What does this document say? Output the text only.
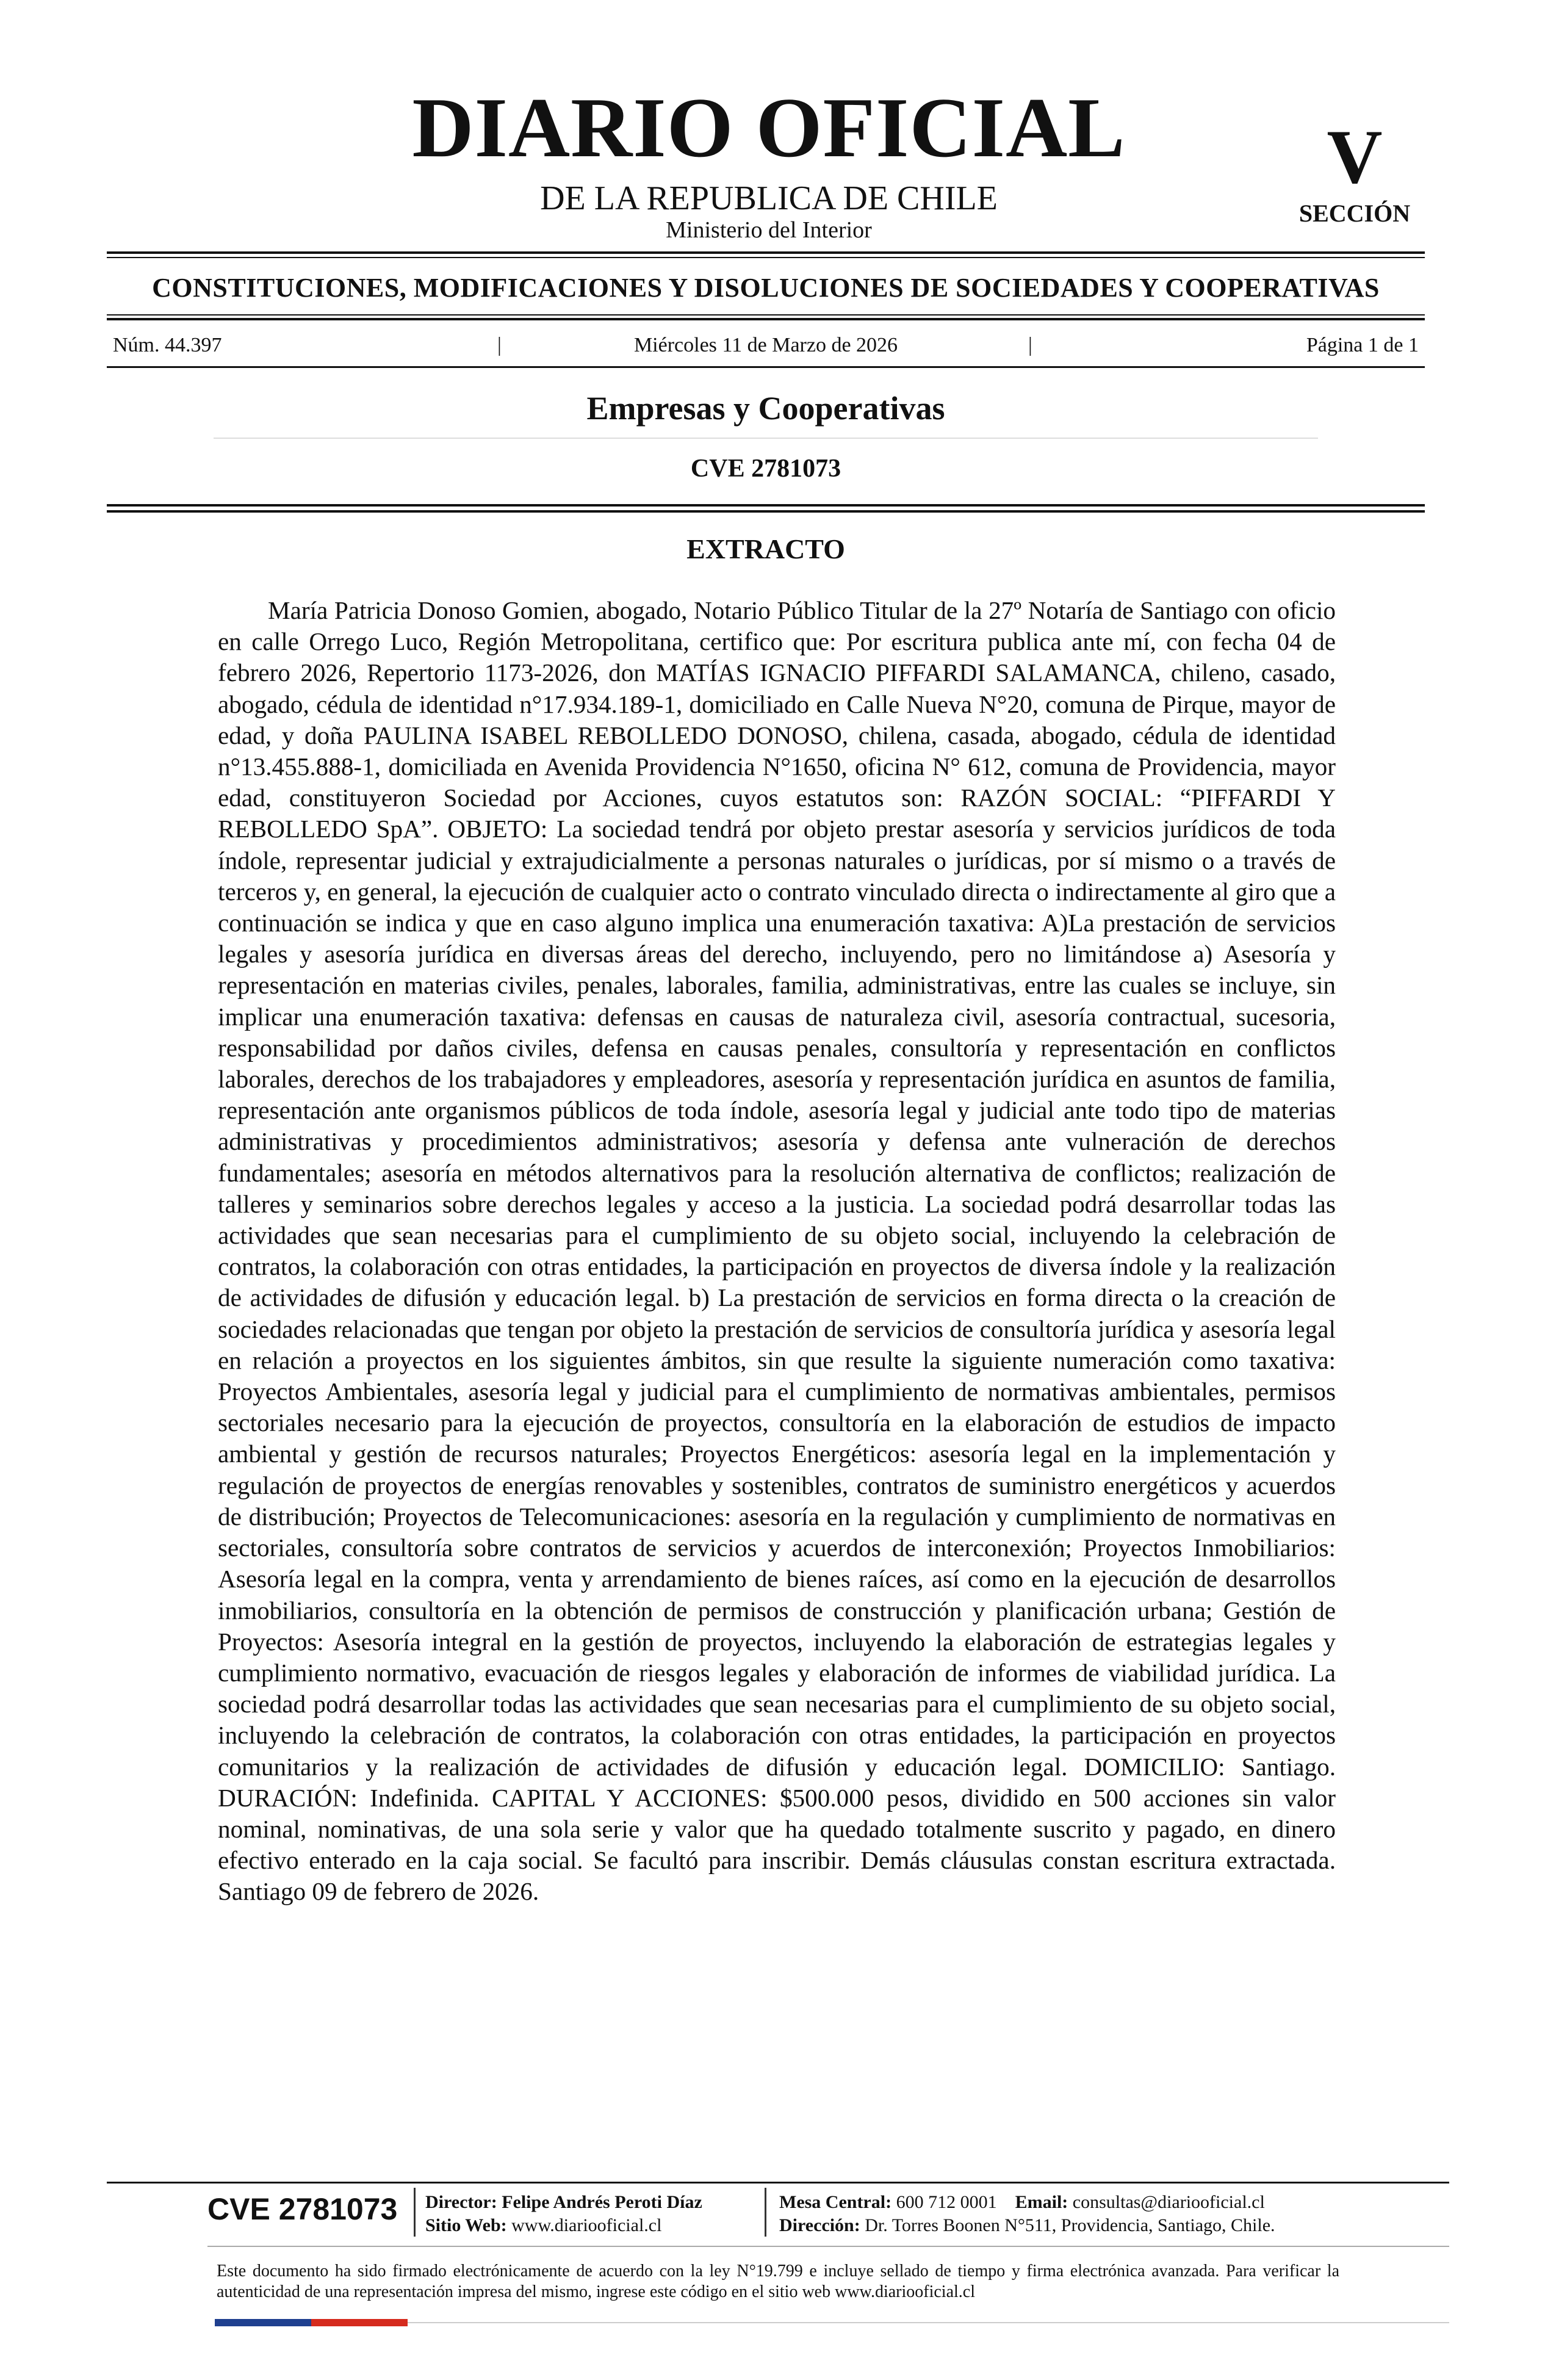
DIARIO OFICIAL
DE LA REPUBLICA DE CHILE
Ministerio del Interior
V
SECCIÓN
CONSTITUCIONES, MODIFICACIONES Y DISOLUCIONES DE SOCIEDADES Y COOPERATIVAS
Núm. 44.397	|	Miércoles 11 de Marzo de 2026	|	Página 1 de 1
Empresas y Cooperativas
CVE 2781073
EXTRACTO

María Patricia Donoso Gomien, abogado, Notario Público Titular de la 27º Notaría de Santiago con oficio en calle Orrego Luco, Región Metropolitana, certifico que: Por escritura publica ante mí, con fecha 04 de febrero 2026, Repertorio 1173-2026, don MATÍAS IGNACIO PIFFARDI SALAMANCA, chileno, casado, abogado, cédula de identidad n°17.934.189-1, domiciliado en Calle Nueva N°20, comuna de Pirque, mayor de edad, y doña PAULINA ISABEL REBOLLEDO DONOSO, chilena, casada, abogado, cédula de identidad n°13.455.888-1, domiciliada en Avenida Providencia N°1650, oficina N° 612, comuna de Providencia, mayor edad, constituyeron Sociedad por Acciones, cuyos estatutos son: RAZÓN SOCIAL: “PIFFARDI Y REBOLLEDO SpA”. OBJETO: La sociedad tendrá por objeto prestar asesoría y servicios jurídicos de toda índole, representar judicial y extrajudicialmente a personas naturales o jurídicas, por sí mismo o a través de terceros y, en general, la ejecución de cualquier acto o contrato vinculado directa o indirectamente al giro que a continuación se indica y que en caso alguno implica una enumeración taxativa: A)La prestación de servicios legales y asesoría jurídica en diversas áreas del derecho, incluyendo, pero no limitándose a) Asesoría y representación en materias civiles, penales, laborales, familia, administrativas, entre las cuales se incluye, sin implicar una enumeración taxativa: defensas en causas de naturaleza civil, asesoría contractual, sucesoria, responsabilidad por daños civiles, defensa en causas penales, consultoría y representación en conflictos laborales, derechos de los trabajadores y empleadores, asesoría y representación jurídica en asuntos de familia, representación ante organismos públicos de toda índole, asesoría legal y judicial ante todo tipo de materias administrativas y procedimientos administrativos; asesoría y defensa ante vulneración de derechos fundamentales; asesoría en métodos alternativos para la resolución alternativa de conflictos; realización de talleres y seminarios sobre derechos legales y acceso a la justicia. La sociedad podrá desarrollar todas las actividades que sean necesarias para el cumplimiento de su objeto social, incluyendo la celebración de contratos, la colaboración con otras entidades, la participación en proyectos de diversa índole y la realización de actividades de difusión y educación legal. b) La prestación de servicios en forma directa o la creación de sociedades relacionadas que tengan por objeto la prestación de servicios de consultoría jurídica y asesoría legal en relación a proyectos en los siguientes ámbitos, sin que resulte la siguiente numeración como taxativa: Proyectos Ambientales, asesoría legal y judicial para el cumplimiento de normativas ambientales, permisos sectoriales necesario para la ejecución de proyectos, consultoría en la elaboración de estudios de impacto ambiental y gestión de recursos naturales; Proyectos Energéticos: asesoría legal en la implementación y regulación de proyectos de energías renovables y sostenibles, contratos de suministro energéticos y acuerdos de distribución; Proyectos de Telecomunicaciones: asesoría en la regulación y cumplimiento de normativas en sectoriales, consultoría sobre contratos de servicios y acuerdos de interconexión; Proyectos Inmobiliarios: Asesoría legal en la compra, venta y arrendamiento de bienes raíces, así como en la ejecución de desarrollos inmobiliarios, consultoría en la obtención de permisos de construcción y planificación urbana; Gestión de Proyectos: Asesoría integral en la gestión de proyectos, incluyendo la elaboración de estrategias legales y cumplimiento normativo, evacuación de riesgos legales y elaboración de informes de viabilidad jurídica. La sociedad podrá desarrollar todas las actividades que sean necesarias para el cumplimiento de su objeto social, incluyendo la celebración de contratos, la colaboración con otras entidades, la participación en proyectos comunitarios y la realización de actividades de difusión y educación legal. DOMICILIO: Santiago. DURACIÓN: Indefinida. CAPITAL Y ACCIONES: $500.000 pesos, dividido en 500 acciones sin valor nominal, nominativas, de una sola serie y valor que ha quedado totalmente suscrito y pagado, en dinero efectivo enterado en la caja social. Se facultó para inscribir. Demás cláusulas constan escritura extractada. Santiago 09 de febrero de 2026.

CVE 2781073 Director: Felipe Andrés Peroti Díaz
Sitio Web: www.diariooficial.cl
Mesa Central: 600 712 0001 Email: consultas@diariooficial.cl
Dirección: Dr. Torres Boonen N°511, Providencia, Santiago, Chile.

Este documento ha sido firmado electrónicamente de acuerdo con la ley N°19.799 e incluye sellado de tiempo y firma electrónica avanzada. Para verificar la autenticidad de una representación impresa del mismo, ingrese este código en el sitio web www.diariooficial.cl
